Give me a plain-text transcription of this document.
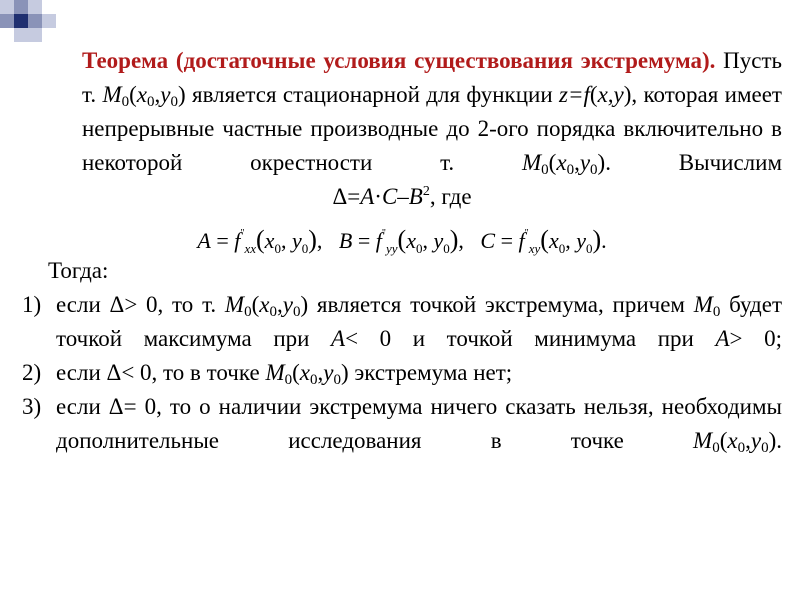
Теорема (достаточные условия существования экстремума). Пусть т. $M_0(x_0,y_0)$ является стационарной для функции z=f(x,y), которая имеет непрерывные частные производные до 2-ого порядка включительно в некоторой окрестности т. $M_0(x_0,y_0)$. Вычислим
$\Delta=A\cdot C-B^2$, где
$A = f^"_{xx}(x_0$, $y_0$),   $B = f^"_{yy}(x_0$, $y_0$),   $C = f^"_{xy}(x_0$, $y_0$).
Тогда:
1) если Δ> 0, то т. $M_0(x_0,y_0)$ является точкой экстремума, причем $M_0$ будет точкой максимума при A< 0 и точкой минимума при A> 0;
2) если Δ< 0, то в точке $M_0(x_0,y_0)$ экстремума нет;
3) если Δ= 0, то о наличии экстремума ничего сказать нельзя, необходимы дополнительные исследования в точке $M_0(x_0,y_0)$.
